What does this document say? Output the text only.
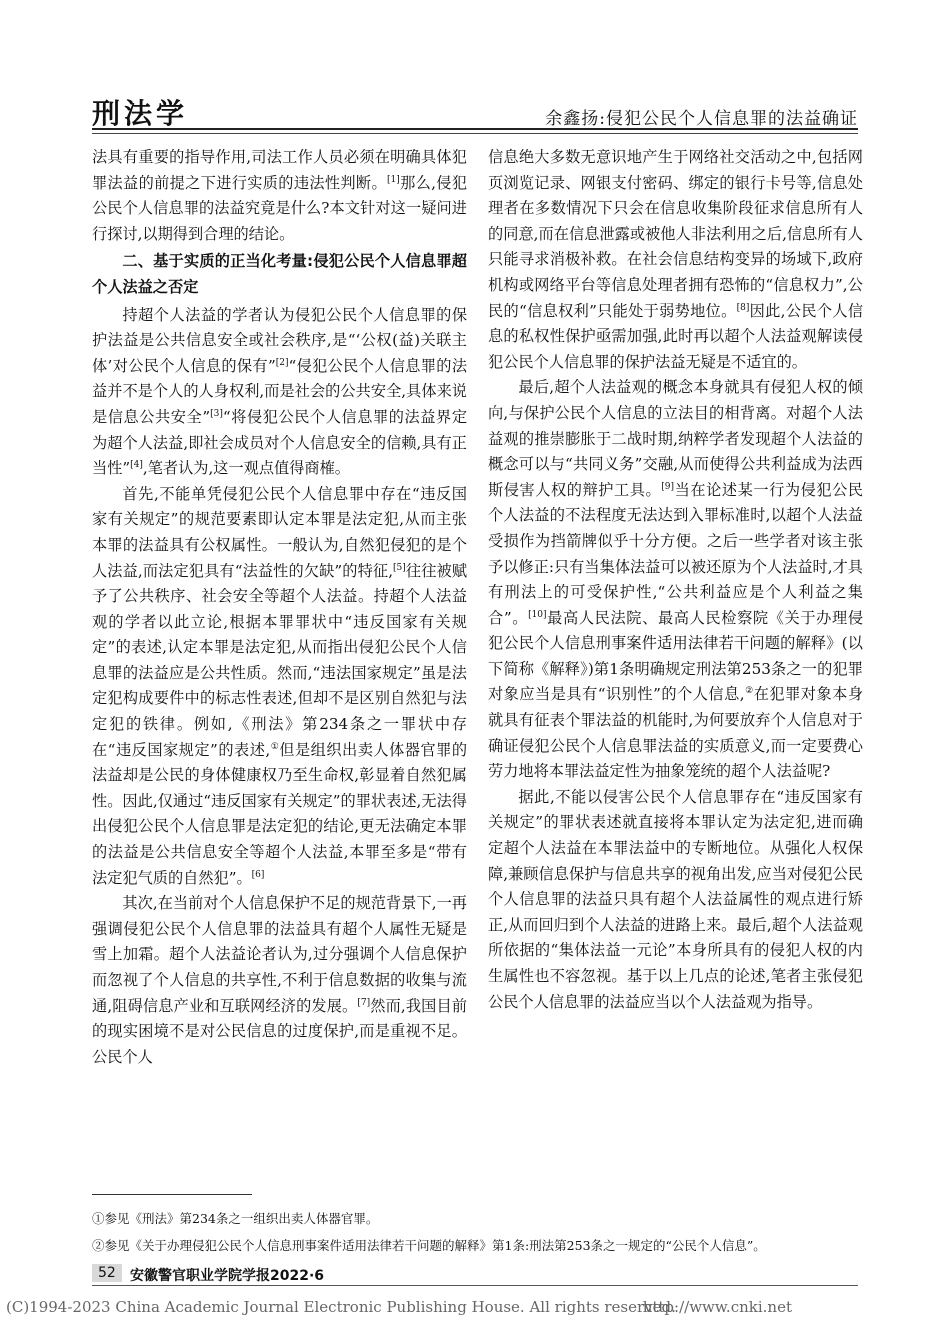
刑法学	余鑫扬:侵犯公民个人信息罪的法益确证

法具有重要的指导作用,司法工作人员必须在明确具体犯罪法益的前提之下进行实质的违法性判断。[1]那么,侵犯公民个人信息罪的法益究竟是什么?本文针对这一疑问进行探讨,以期得到合理的结论。

二、基于实质的正当化考量:侵犯公民个人信息罪超个人法益之否定

持超个人法益的学者认为侵犯公民个人信息罪的保护法益是公共信息安全或社会秩序,是“‘公权(益)关联主体’对公民个人信息的保有”[2]“侵犯公民个人信息罪的法益并不是个人的人身权利,而是社会的公共安全,具体来说是信息公共安全”[3]“将侵犯公民个人信息罪的法益界定为超个人法益,即社会成员对个人信息安全的信赖,具有正当性”[4],笔者认为,这一观点值得商榷。

首先,不能单凭侵犯公民个人信息罪中存在“违反国家有关规定”的规范要素即认定本罪是法定犯,从而主张本罪的法益具有公权属性。一般认为,自然犯侵犯的是个人法益,而法定犯具有“法益性的欠缺”的特征,[5]往往被赋予了公共秩序、社会安全等超个人法益。持超个人法益观的学者以此立论,根据本罪罪状中“违反国家有关规定”的表述,认定本罪是法定犯,从而指出侵犯公民个人信息罪的法益应是公共性质。然而,“违法国家规定”虽是法定犯构成要件中的标志性表述,但却不是区别自然犯与法定犯的铁律。例如,《刑法》第234条之一罪状中存在“违反国家规定”的表述,①但是组织出卖人体器官罪的法益却是公民的身体健康权乃至生命权,彰显着自然犯属性。因此,仅通过“违反国家有关规定”的罪状表述,无法得出侵犯公民个人信息罪是法定犯的结论,更无法确定本罪的法益是公共信息安全等超个人法益,本罪至多是“带有法定犯气质的自然犯”。[6]

其次,在当前对个人信息保护不足的规范背景下,一再强调侵犯公民个人信息罪的法益具有超个人属性无疑是雪上加霜。超个人法益论者认为,过分强调个人信息保护而忽视了个人信息的共享性,不利于信息数据的收集与流通,阻碍信息产业和互联网经济的发展。[7]然而,我国目前的现实困境不是对公民信息的过度保护,而是重视不足。公民个人

信息绝大多数无意识地产生于网络社交活动之中,包括网页浏览记录、网银支付密码、绑定的银行卡号等,信息处理者在多数情况下只会在信息收集阶段征求信息所有人的同意,而在信息泄露或被他人非法利用之后,信息所有人只能寻求消极补救。在社会信息结构变异的场域下,政府机构或网络平台等信息处理者拥有恐怖的“信息权力”,公民的“信息权利”只能处于弱势地位。[8]因此,公民个人信息的私权性保护亟需加强,此时再以超个人法益观解读侵犯公民个人信息罪的保护法益无疑是不适宜的。

最后,超个人法益观的概念本身就具有侵犯人权的倾向,与保护公民个人信息的立法目的相背离。对超个人法益观的推崇膨胀于二战时期,纳粹学者发现超个人法益的概念可以与“共同义务”交融,从而使得公共利益成为法西斯侵害人权的辩护工具。[9]当在论述某一行为侵犯公民个人法益的不法程度无法达到入罪标准时,以超个人法益受损作为挡箭牌似乎十分方便。之后一些学者对该主张予以修正:只有当集体法益可以被还原为个人法益时,才具有刑法上的可受保护性,“公共利益应是个人利益之集合”。[10]最高人民法院、最高人民检察院《关于办理侵犯公民个人信息刑事案件适用法律若干问题的解释》(以下简称《解释》)第1条明确规定刑法第253条之一的犯罪对象应当是具有“识别性”的个人信息,②在犯罪对象本身就具有征表个罪法益的机能时,为何要放弃个人信息对于确证侵犯公民个人信息罪法益的实质意义,而一定要费心劳力地将本罪法益定性为抽象笼统的超个人法益呢?

据此,不能以侵害公民个人信息罪存在“违反国家有关规定”的罪状表述就直接将本罪认定为法定犯,进而确定超个人法益在本罪法益中的专断地位。从强化人权保障,兼顾信息保护与信息共享的视角出发,应当对侵犯公民个人信息罪的法益只具有超个人法益属性的观点进行矫正,从而回归到个人法益的进路上来。最后,超个人法益观所依据的“集体法益一元论”本身所具有的侵犯人权的内生属性也不容忽视。基于以上几点的论述,笔者主张侵犯公民个人信息罪的法益应当以个人法益观为指导。

①参见《刑法》第234条之一组织出卖人体器官罪。
②参见《关于办理侵犯公民个人信息刑事案件适用法律若干问题的解释》第1条:刑法第253条之一规定的“公民个人信息”。
52	安徽警官职业学院学报2022·6
(C)1994-2023 China Academic Journal Electronic Publishing House. All rights reserved.
http://www.cnki.net
